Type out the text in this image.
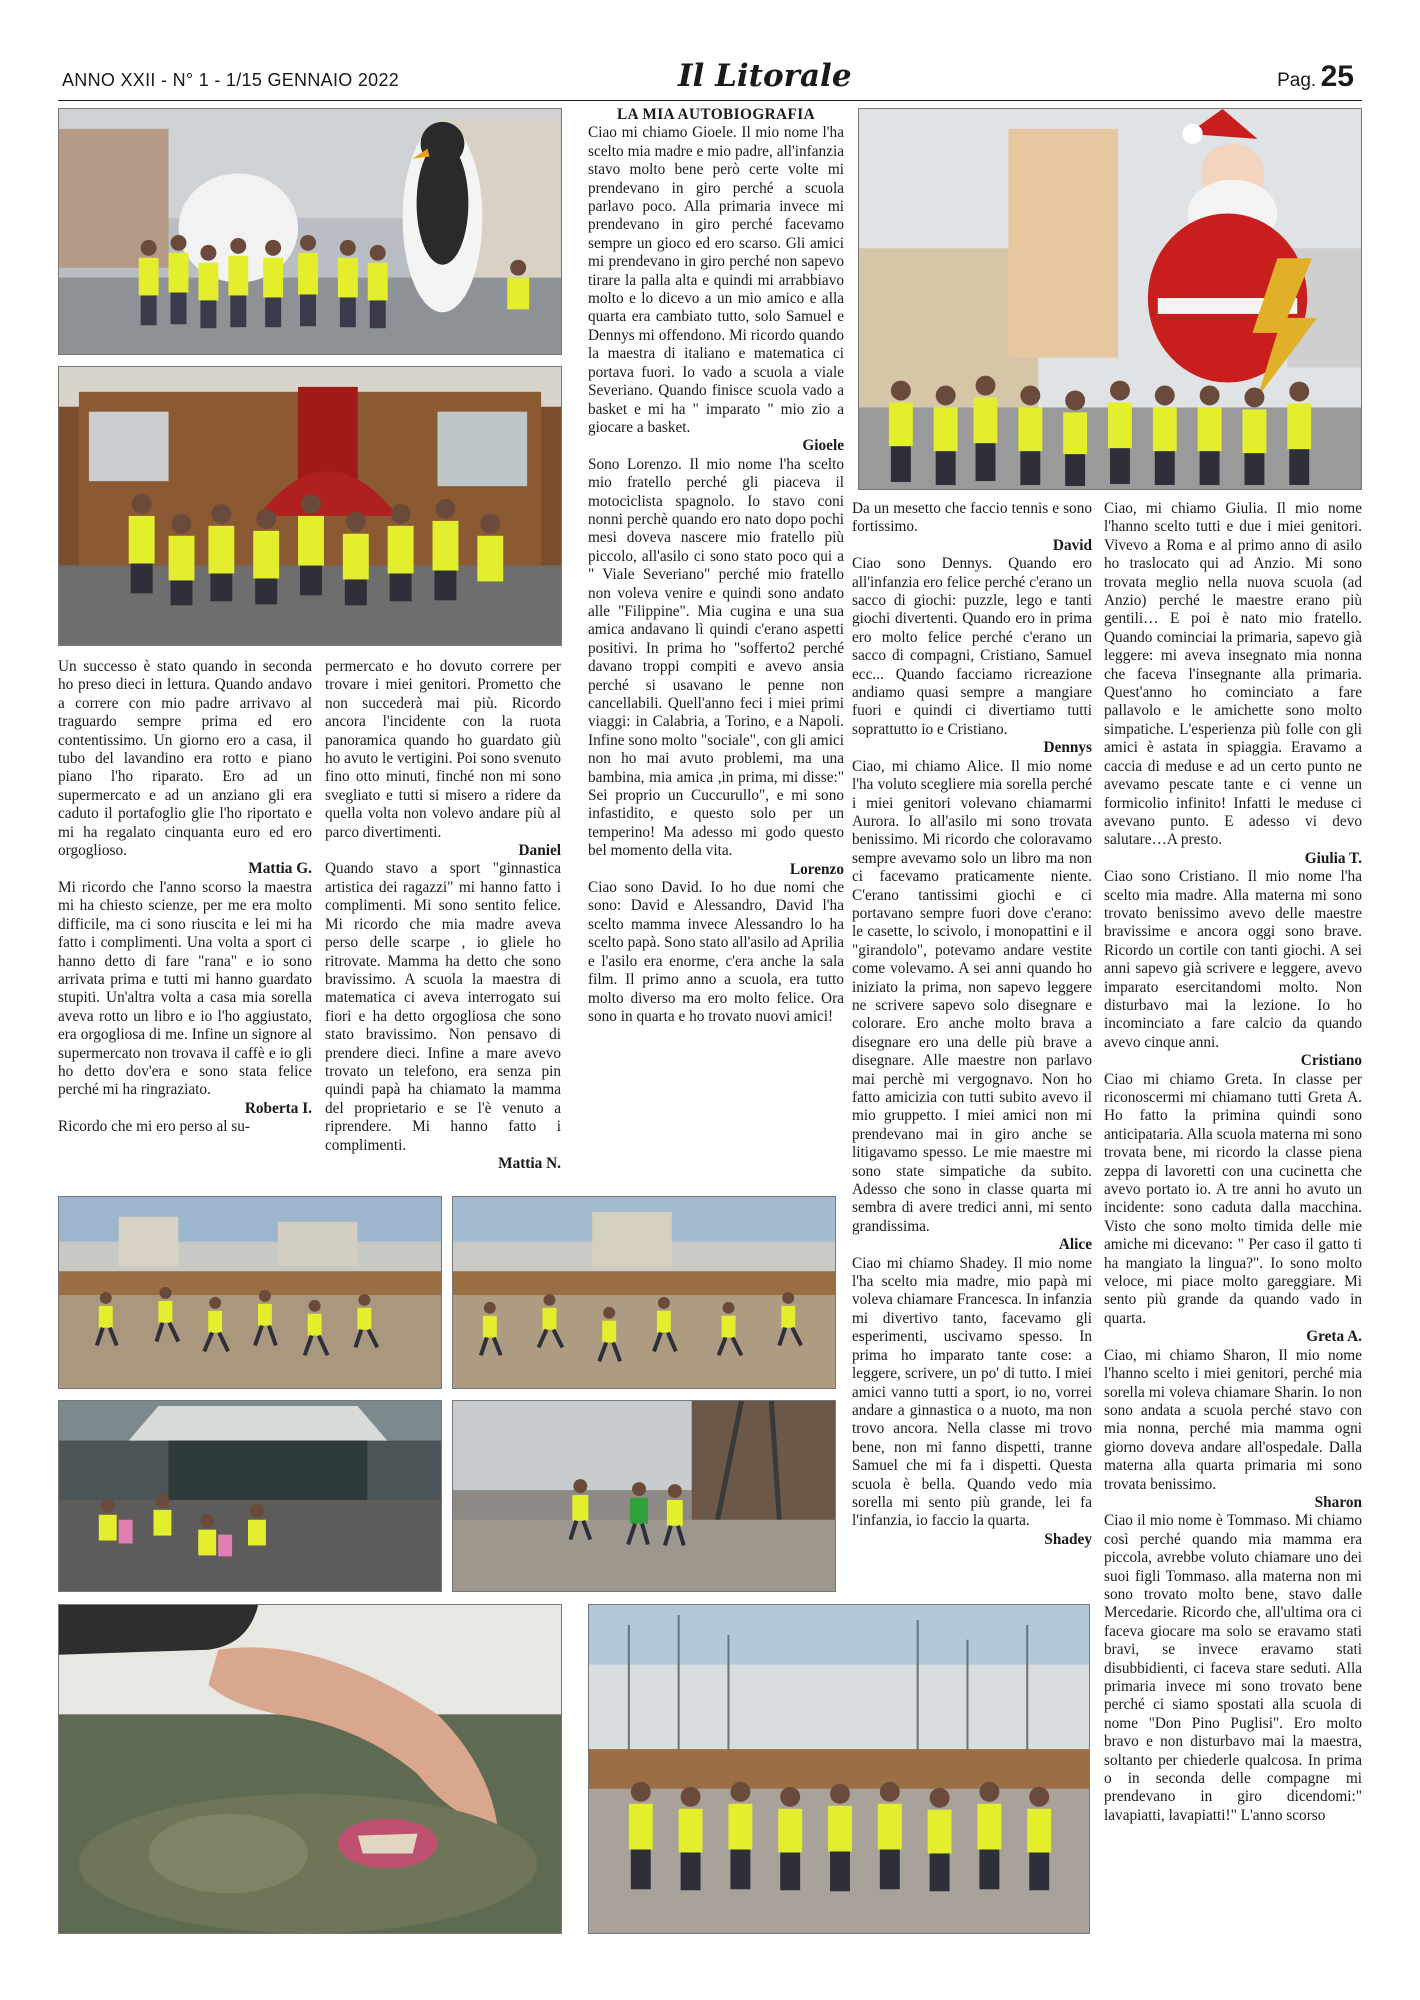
ANNO XXII - N° 1 - 1/15 GENNAIO 2022	Il Litorale	Pag. 25

Un successo è stato quando in seconda ho preso dieci in lettura. Quando andavo a correre con mio padre arrivavo al traguardo sempre prima ed ero contentissimo. Un giorno ero a casa, il tubo del lavandino era rotto e piano piano l'ho riparato. Ero ad un supermercato e ad un anziano gli era caduto il portafoglio glie l'ho riportato e mi ha regalato cinquanta euro ed ero orgoglioso.

Mattia G.

Mi ricordo che l'anno scorso la maestra mi ha chiesto scienze, per me era molto difficile, ma ci sono riuscita e lei mi ha fatto i complimenti. Una volta a sport ci hanno detto di fare "rana" e io sono arrivata prima e tutti mi hanno guardato stupiti. Un'altra volta a casa mia sorella aveva rotto un libro e io l'ho aggiustato, era orgogliosa di me. Infine un signore al supermercato non trovava il caffè e io gli ho detto dov'era e sono stata felice perché mi ha ringraziato.

Roberta I.

Ricordo che mi ero perso al su-

permercato e ho dovuto correre per trovare i miei genitori. Prometto che non succederà mai più. Ricordo ancora l'incidente con la ruota panoramica quando ho guardato giù ho avuto le vertigini. Poi sono svenuto fino otto minuti, finché non mi sono svegliato e tutti si misero a ridere da quella volta non volevo andare più al parco divertimenti.

Daniel

Quando stavo a sport "ginnastica artistica dei ragazzi" mi hanno fatto i complimenti. Mi sono sentito felice. Mi ricordo che mia madre aveva perso delle scarpe , io gliele ho ritrovate. Mamma ha detto che sono bravissimo. A scuola la maestra di matematica ci aveva interrogato sui fiori e ha detto orgogliosa che sono stato bravissimo. Non pensavo di prendere dieci. Infine a mare avevo trovato un telefono, era senza pin quindi papà ha chiamato la mamma del proprietario e se l'è venuto a riprendere. Mi hanno fatto i complimenti.

Mattia N.
LA MIA AUTOBIOGRAFIA

Ciao mi chiamo Gioele. Il mio nome l'ha scelto mia madre e mio padre, all'infanzia stavo molto bene però certe volte mi prendevano in giro perché a scuola parlavo poco. Alla primaria invece mi prendevano in giro perché facevamo sempre un gioco ed ero scarso. Gli amici mi prendevano in giro perché non sapevo tirare la palla alta e quindi mi arrabbiavo molto e lo dicevo a un mio amico e alla quarta era cambiato tutto, solo Samuel e Dennys mi offendono. Mi ricordo quando la maestra di italiano e matematica ci portava fuori. Io vado a scuola a viale Severiano. Quando finisce scuola vado a basket e mi ha " imparato " mio zio a giocare a basket.

Gioele

Sono Lorenzo. Il mio nome l'ha scelto mio fratello perché gli piaceva il motociclista spagnolo. Io stavo coni nonni perchè quando ero nato dopo pochi mesi doveva nascere mio fratello più piccolo, all'asilo ci sono stato poco qui a " Viale Severiano" perché mio fratello non voleva venire e quindi sono andato alle "Filippine". Mia cugina e una sua amica andavano lì quindi c'erano aspetti positivi. In prima ho "sofferto2 perché davano troppi compiti e avevo ansia perché si usavano le penne non cancellabili. Quell'anno feci i miei primi viaggi: in Calabria, a Torino, e a Napoli. Infine sono molto "sociale", con gli amici non ho mai avuto problemi, ma una bambina, mia amica ,in prima, mi disse:" Sei proprio un Cuccurullo", e mi sono infastidito, e questo solo per un temperino! Ma adesso mi godo questo bel momento della vita.

Lorenzo

Ciao sono David. Io ho due nomi che sono: David e Alessandro, David l'ha scelto mamma invece Alessandro lo ha scelto papà. Sono stato all'asilo ad Aprilia e l'asilo era enorme, c'era anche la sala film. Il primo anno a scuola, era tutto molto diverso ma ero molto felice. Ora sono in quarta e ho trovato nuovi amici!

Da un mesetto che faccio tennis e sono fortissimo.

David

Ciao sono Dennys. Quando ero all'infanzia ero felice perché c'erano un sacco di giochi: puzzle, lego e tanti giochi divertenti. Quando ero in prima ero molto felice perché c'erano un sacco di compagni, Cristiano, Samuel ecc... Quando facciamo ricreazione andiamo quasi sempre a mangiare fuori e quindi ci divertiamo tutti soprattutto io e Cristiano.

Dennys

Ciao, mi chiamo Alice. Il mio nome l'ha voluto scegliere mia sorella perché i miei genitori volevano chiamarmi Aurora. Io all'asilo mi sono trovata benissimo. Mi ricordo che coloravamo sempre avevamo solo un libro ma non ci facevamo praticamente niente. C'erano tantissimi giochi e ci portavano sempre fuori dove c'erano: le casette, lo scivolo, i monopattini e il "girandolo", potevamo andare vestite come volevamo. A sei anni quando ho iniziato la prima, non sapevo leggere ne scrivere sapevo solo disegnare e colorare. Ero anche molto brava a disegnare ero una delle più brave a disegnare. Alle maestre non parlavo mai perchè mi vergognavo. Non ho fatto amicizia con tutti subito avevo il mio gruppetto. I miei amici non mi prendevano mai in giro anche se litigavamo spesso. Le mie maestre mi sono state simpatiche da subito. Adesso che sono in classe quarta mi sembra di avere tredici anni, mi sento grandissima.

Alice

Ciao mi chiamo Shadey. Il mio nome l'ha scelto mia madre, mio papà mi voleva chiamare Francesca. In infanzia mi divertivo tanto, facevamo gli esperimenti, uscivamo spesso. In prima ho imparato tante cose: a leggere, scrivere, un po' di tutto. I miei amici vanno tutti a sport, io no, vorrei andare a ginnastica o a nuoto, ma non trovo ancora. Nella classe mi trovo bene, non mi fanno dispetti, tranne Samuel che mi fa i dispetti. Questa scuola è bella. Quando vedo mia sorella mi sento più grande, lei fa l'infanzia, io faccio la quarta.

Shadey

Ciao, mi chiamo Giulia. Il mio nome l'hanno scelto tutti e due i miei genitori. Vivevo a Roma e al primo anno di asilo ho traslocato qui ad Anzio. Mi sono trovata meglio nella nuova scuola (ad Anzio) perché le maestre erano più gentili… E poi è nato mio fratello. Quando cominciai la primaria, sapevo già leggere: mi aveva insegnato mia nonna che faceva l'insegnante alla primaria. Quest'anno ho cominciato a fare pallavolo e le amichette sono molto simpatiche. L'esperienza più folle con gli amici è astata in spiaggia. Eravamo a caccia di meduse e ad un certo punto ne avevamo pescate tante e ci venne un formicolio infinito! Infatti le meduse ci avevano punto. E adesso vi devo salutare…A presto.

Giulia T.

Ciao sono Cristiano. Il mio nome l'ha scelto mia madre. Alla materna mi sono trovato benissimo avevo delle maestre bravissime e ancora oggi sono brave. Ricordo un cortile con tanti giochi. A sei anni sapevo già scrivere e leggere, avevo imparato esercitandomi molto. Non disturbavo mai la lezione. Io ho incominciato a fare calcio da quando avevo cinque anni.

Cristiano

Ciao mi chiamo Greta. In classe per riconoscermi mi chiamano tutti Greta A. Ho fatto la primina quindi sono anticipataria. Alla scuola materna mi sono trovata bene, mi ricordo la classe piena zeppa di lavoretti con una cucinetta che avevo portato io. A tre anni ho avuto un incidente: sono caduta dalla macchina. Visto che sono molto timida delle mie amiche mi dicevano: " Per caso il gatto ti ha mangiato la lingua?". Io sono molto veloce, mi piace molto gareggiare. Mi sento più grande da quando vado in quarta.

Greta A.

Ciao, mi chiamo Sharon, Il mio nome l'hanno scelto i miei genitori, perché mia sorella mi voleva chiamare Sharin. Io non sono andata a scuola perché stavo con mia nonna, perché mia mamma ogni giorno doveva andare all'ospedale. Dalla materna alla quarta primaria mi sono trovata benissimo.

Sharon

Ciao il mio nome è Tommaso. Mi chiamo così perché quando mia mamma era piccola, avrebbe voluto chiamare uno dei suoi figli Tommaso. alla materna non mi sono trovato molto bene, stavo dalle Mercedarie. Ricordo che, all'ultima ora ci faceva giocare ma solo se eravamo stati bravi, se invece eravamo stati disubbidienti, ci faceva stare seduti. Alla primaria invece mi sono trovato bene perché ci siamo spostati alla scuola di nome "Don Pino Puglisi". Ero molto bravo e non disturbavo mai la maestra, soltanto per chiederle qualcosa. In prima o in seconda delle compagne mi prendevano in giro dicendomi:" lavapiatti, lavapiatti!" L'anno scorso
